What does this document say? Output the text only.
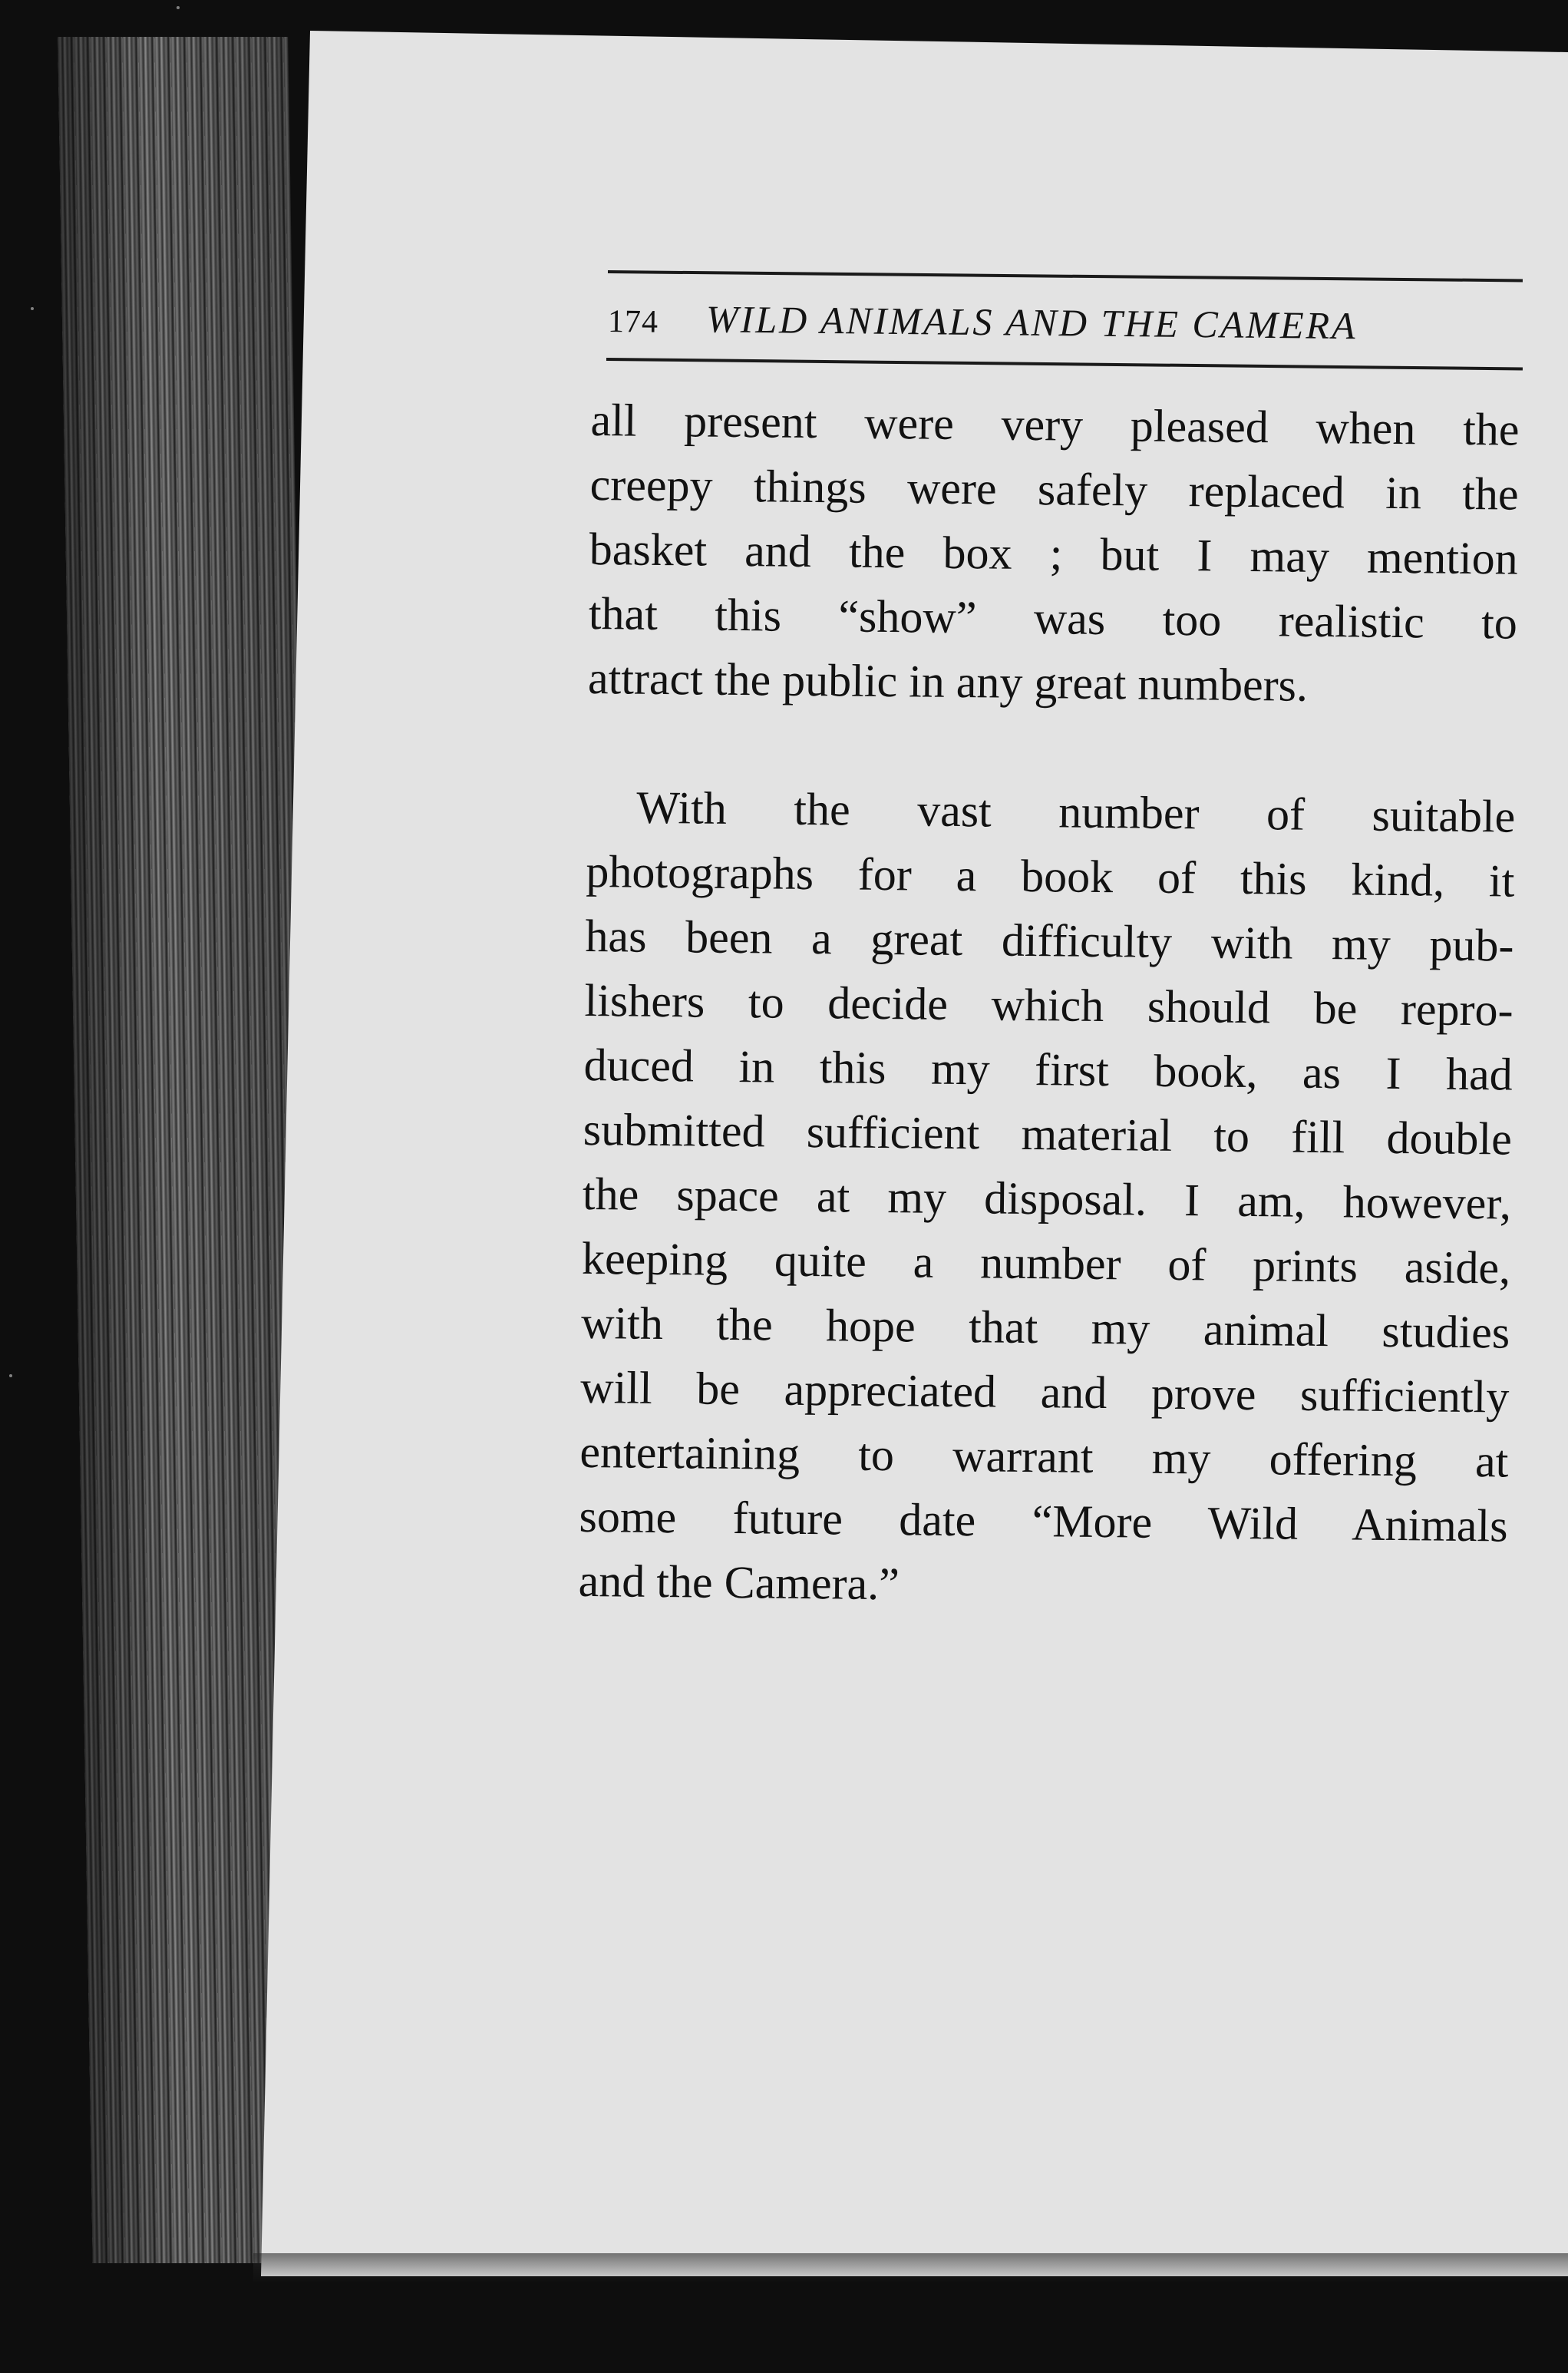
174 WILD ANIMALS AND THE CAMERA
all present were very pleased when the
creepy things were safely replaced in the
basket and the box ; but I may mention
that this “show” was too realistic to
attract the public in any great numbers.
With the vast number of suitable
photographs for a book of this kind, it
has been a great difficulty with my pub-
lishers to decide which should be repro-
duced in this my first book, as I had
submitted sufficient material to fill double
the space at my disposal. I am, however,
keeping quite a number of prints aside,
with the hope that my animal studies
will be appreciated and prove sufficiently
entertaining to warrant my offering at
some future date “More Wild Animals
and the Camera.”
